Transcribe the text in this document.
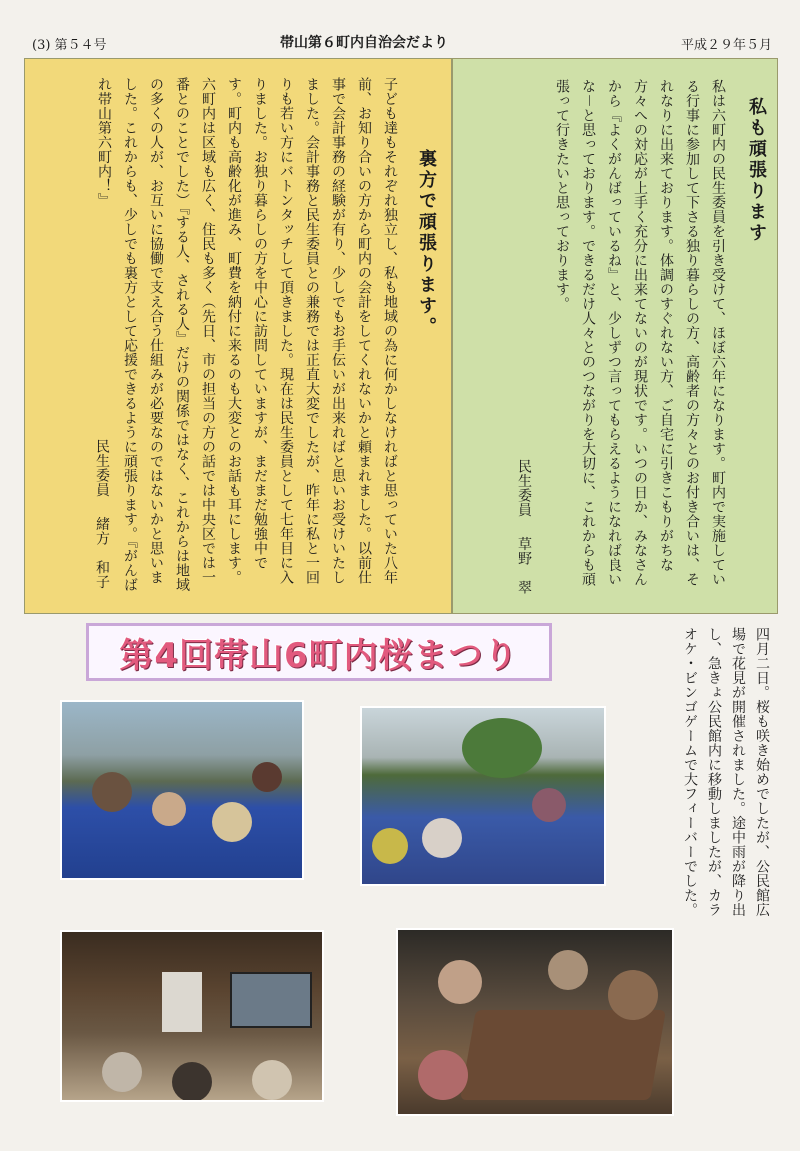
(3) 第５４号	帯山第６町内自治会だより	平成２９年５月
裏方で頑張ります。
子ども達もそれぞれ独立し、私も地域の為に何かしなければと思っていた八年前、お知り合いの方から町内の会計をしてくれないかと頼まれました。以前仕事で会計事務の経験が有り、少しでもお手伝いが出来ればと思いお受けいたしました。会計事務と民生委員との兼務では正直大変でしたが、昨年に私と一回りも若い方にバトンタッチして頂きました。現在は民生委員として七年目に入りました。お独り暮らしの方を中心に訪問していますが、まだまだ勉強中です。町内も高齢化が進み、町費を納付に来るのも大変とのお話も耳にします。六町内は区域も広く、住民も多く（先日、市の担当の方の話では中央区では一番とのことでした）『する人、される人』だけの関係ではなく、これからは地域の多くの人が、お互いに協働で支え合う仕組みが必要なのではないかと思いました。これからも、少しでも裏方として応援できるように頑張ります。『がんばれ帯山第六町内！』
民生委員　 緒方　和子
私も頑張ります
私は六町内の民生委員を引き受けて、ほぼ六年になります。町内で実施している行事に参加して下さる独り暮らしの方、高齢者の方々とのお付き合いは、それなりに出来ております。体調のすぐれない方、ご自宅に引きこもりがちな方々への対応が上手く充分に出来てないのが現状です。いつの日か、みなさんから『よくがんばっているね』と、少しずつ言ってもらえるようになれば良いな－と思っております。できるだけ人々とのつながりを大切に、これからも頑張って行きたいと思っております。
民生委員　 草野　翠
第4回帯山6町内桜まつり	四月二日。桜も咲き始めでしたが、公民館広場で花見が開催されました。途中雨が降り出し、急きょ公民館内に移動しましたが、カラオケ・ビンゴゲームで大フィーバーでした。
